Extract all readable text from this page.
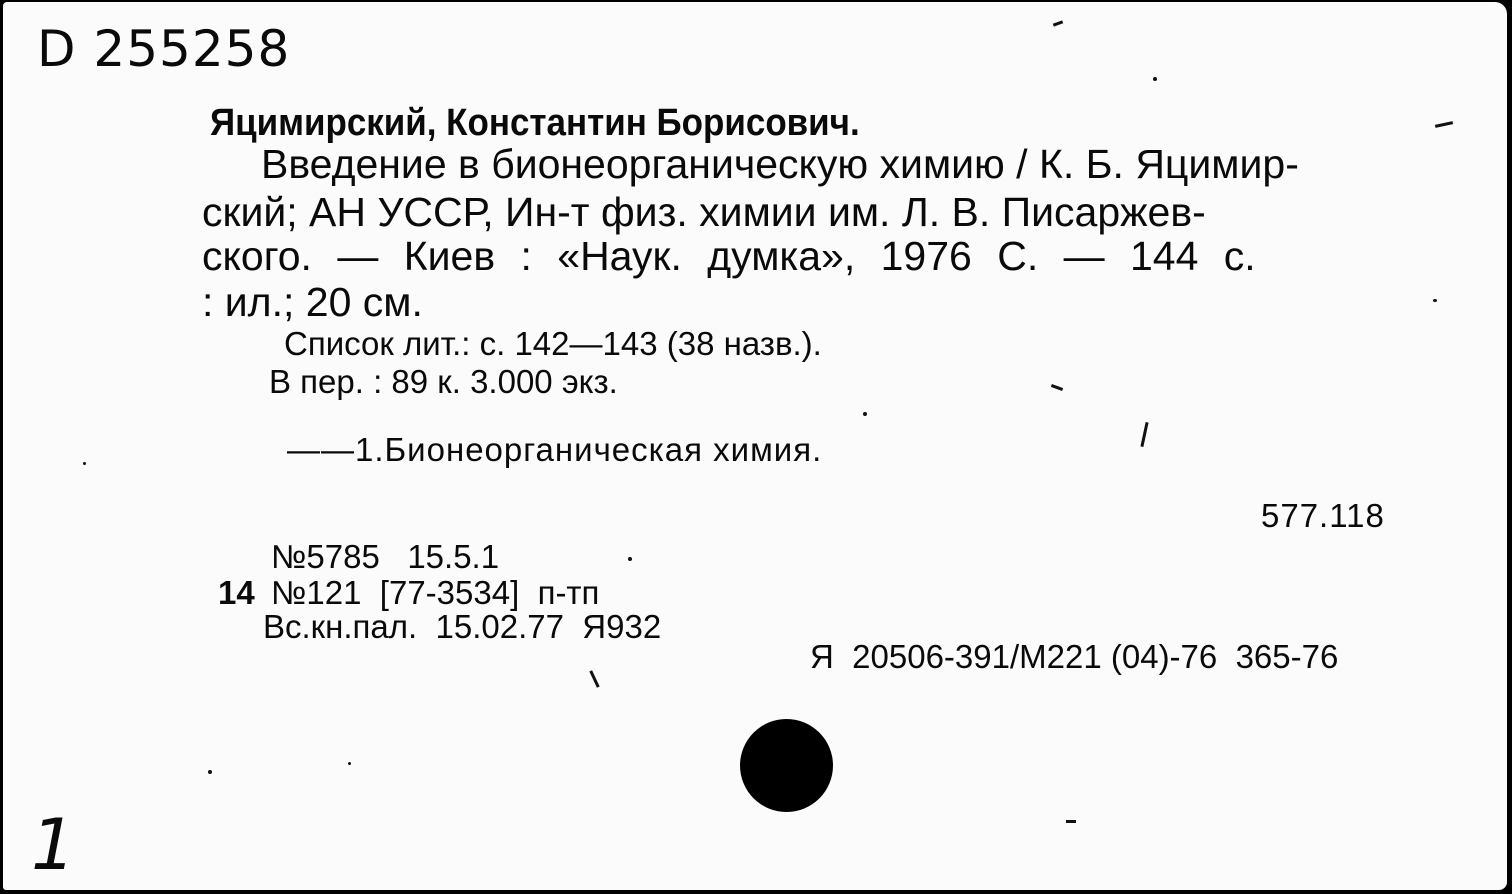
D 255258
Яцимирский, Константин Борисович.
Введение в бионеорганическую химию / К. Б. Яцимир-
ский; АН УССР, Ин-т физ. химии им. Л. В. Писаржев-
ского. — Киев : «Наук. думка», 1976 С. — 144 с.
: ил.; 20 см.
Список лит.: с. 142—143 (38 назв.).
В пер. : 89 к. 3.000 экз.
——1.Бионеорганическая химия.
577.118
№5785   15.5.1
14 №121  [77-3534]  п-тп
Вс.кн.пал.  15.02.77  Я932
Я  20506-391/М221 (04)-76  365-76
1
